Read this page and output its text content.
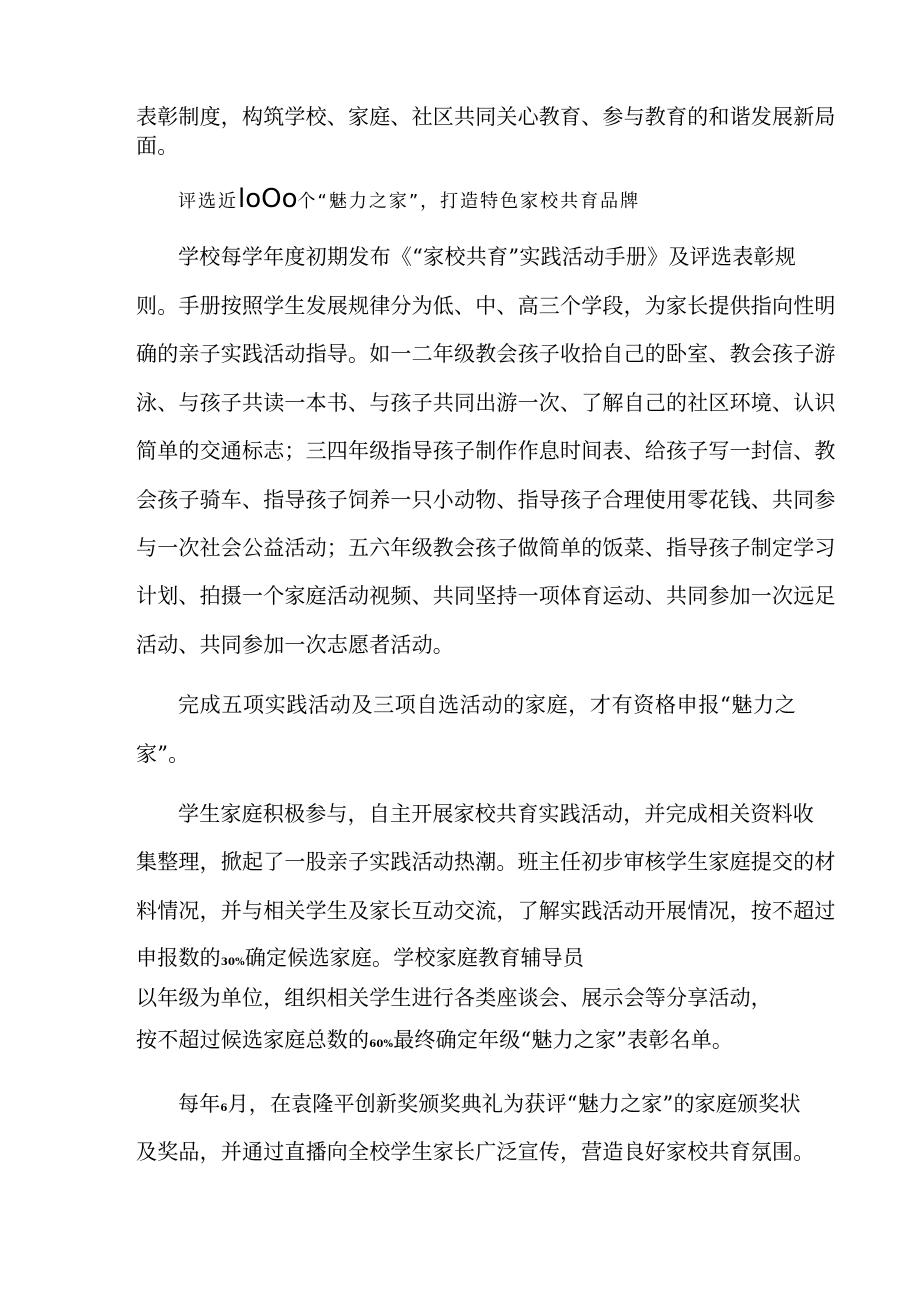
表彰制度，构筑学校、家庭、社区共同关心教育、参与教育的和谐发展新局
面。
评选近loOo个“魅力之家”，打造特色家校共育品牌
学校每学年度初期发布《“家校共育”实践活动手册》及评选表彰规
则。手册按照学生发展规律分为低、中、高三个学段，为家长提供指向性明
确的亲子实践活动指导。如一二年级教会孩子收拾自己的卧室、教会孩子游
泳、与孩子共读一本书、与孩子共同出游一次、了解自己的社区环境、认识
简单的交通标志；三四年级指导孩子制作作息时间表、给孩子写一封信、教
会孩子骑车、指导孩子饲养一只小动物、指导孩子合理使用零花钱、共同参
与一次社会公益活动；五六年级教会孩子做简单的饭菜、指导孩子制定学习
计划、拍摄一个家庭活动视频、共同坚持一项体育运动、共同参加一次远足
活动、共同参加一次志愿者活动。
完成五项实践活动及三项自选活动的家庭，才有资格申报“魅力之
家”。
学生家庭积极参与，自主开展家校共育实践活动，并完成相关资料收
集整理，掀起了一股亲子实践活动热潮。班主任初步审核学生家庭提交的材
料情况，并与相关学生及家长互动交流，了解实践活动开展情况，按不超过
申报数的30%确定候选家庭。学校家庭教育辅导员
以年级为单位，组织相关学生进行各类座谈会、展示会等分享活动，
按不超过候选家庭总数的60%最终确定年级“魅力之家”表彰名单。
每年6月，在袁隆平创新奖颁奖典礼为获评“魅力之家”的家庭颁奖状
及奖品，并通过直播向全校学生家长广泛宣传，营造良好家校共育氛围。
